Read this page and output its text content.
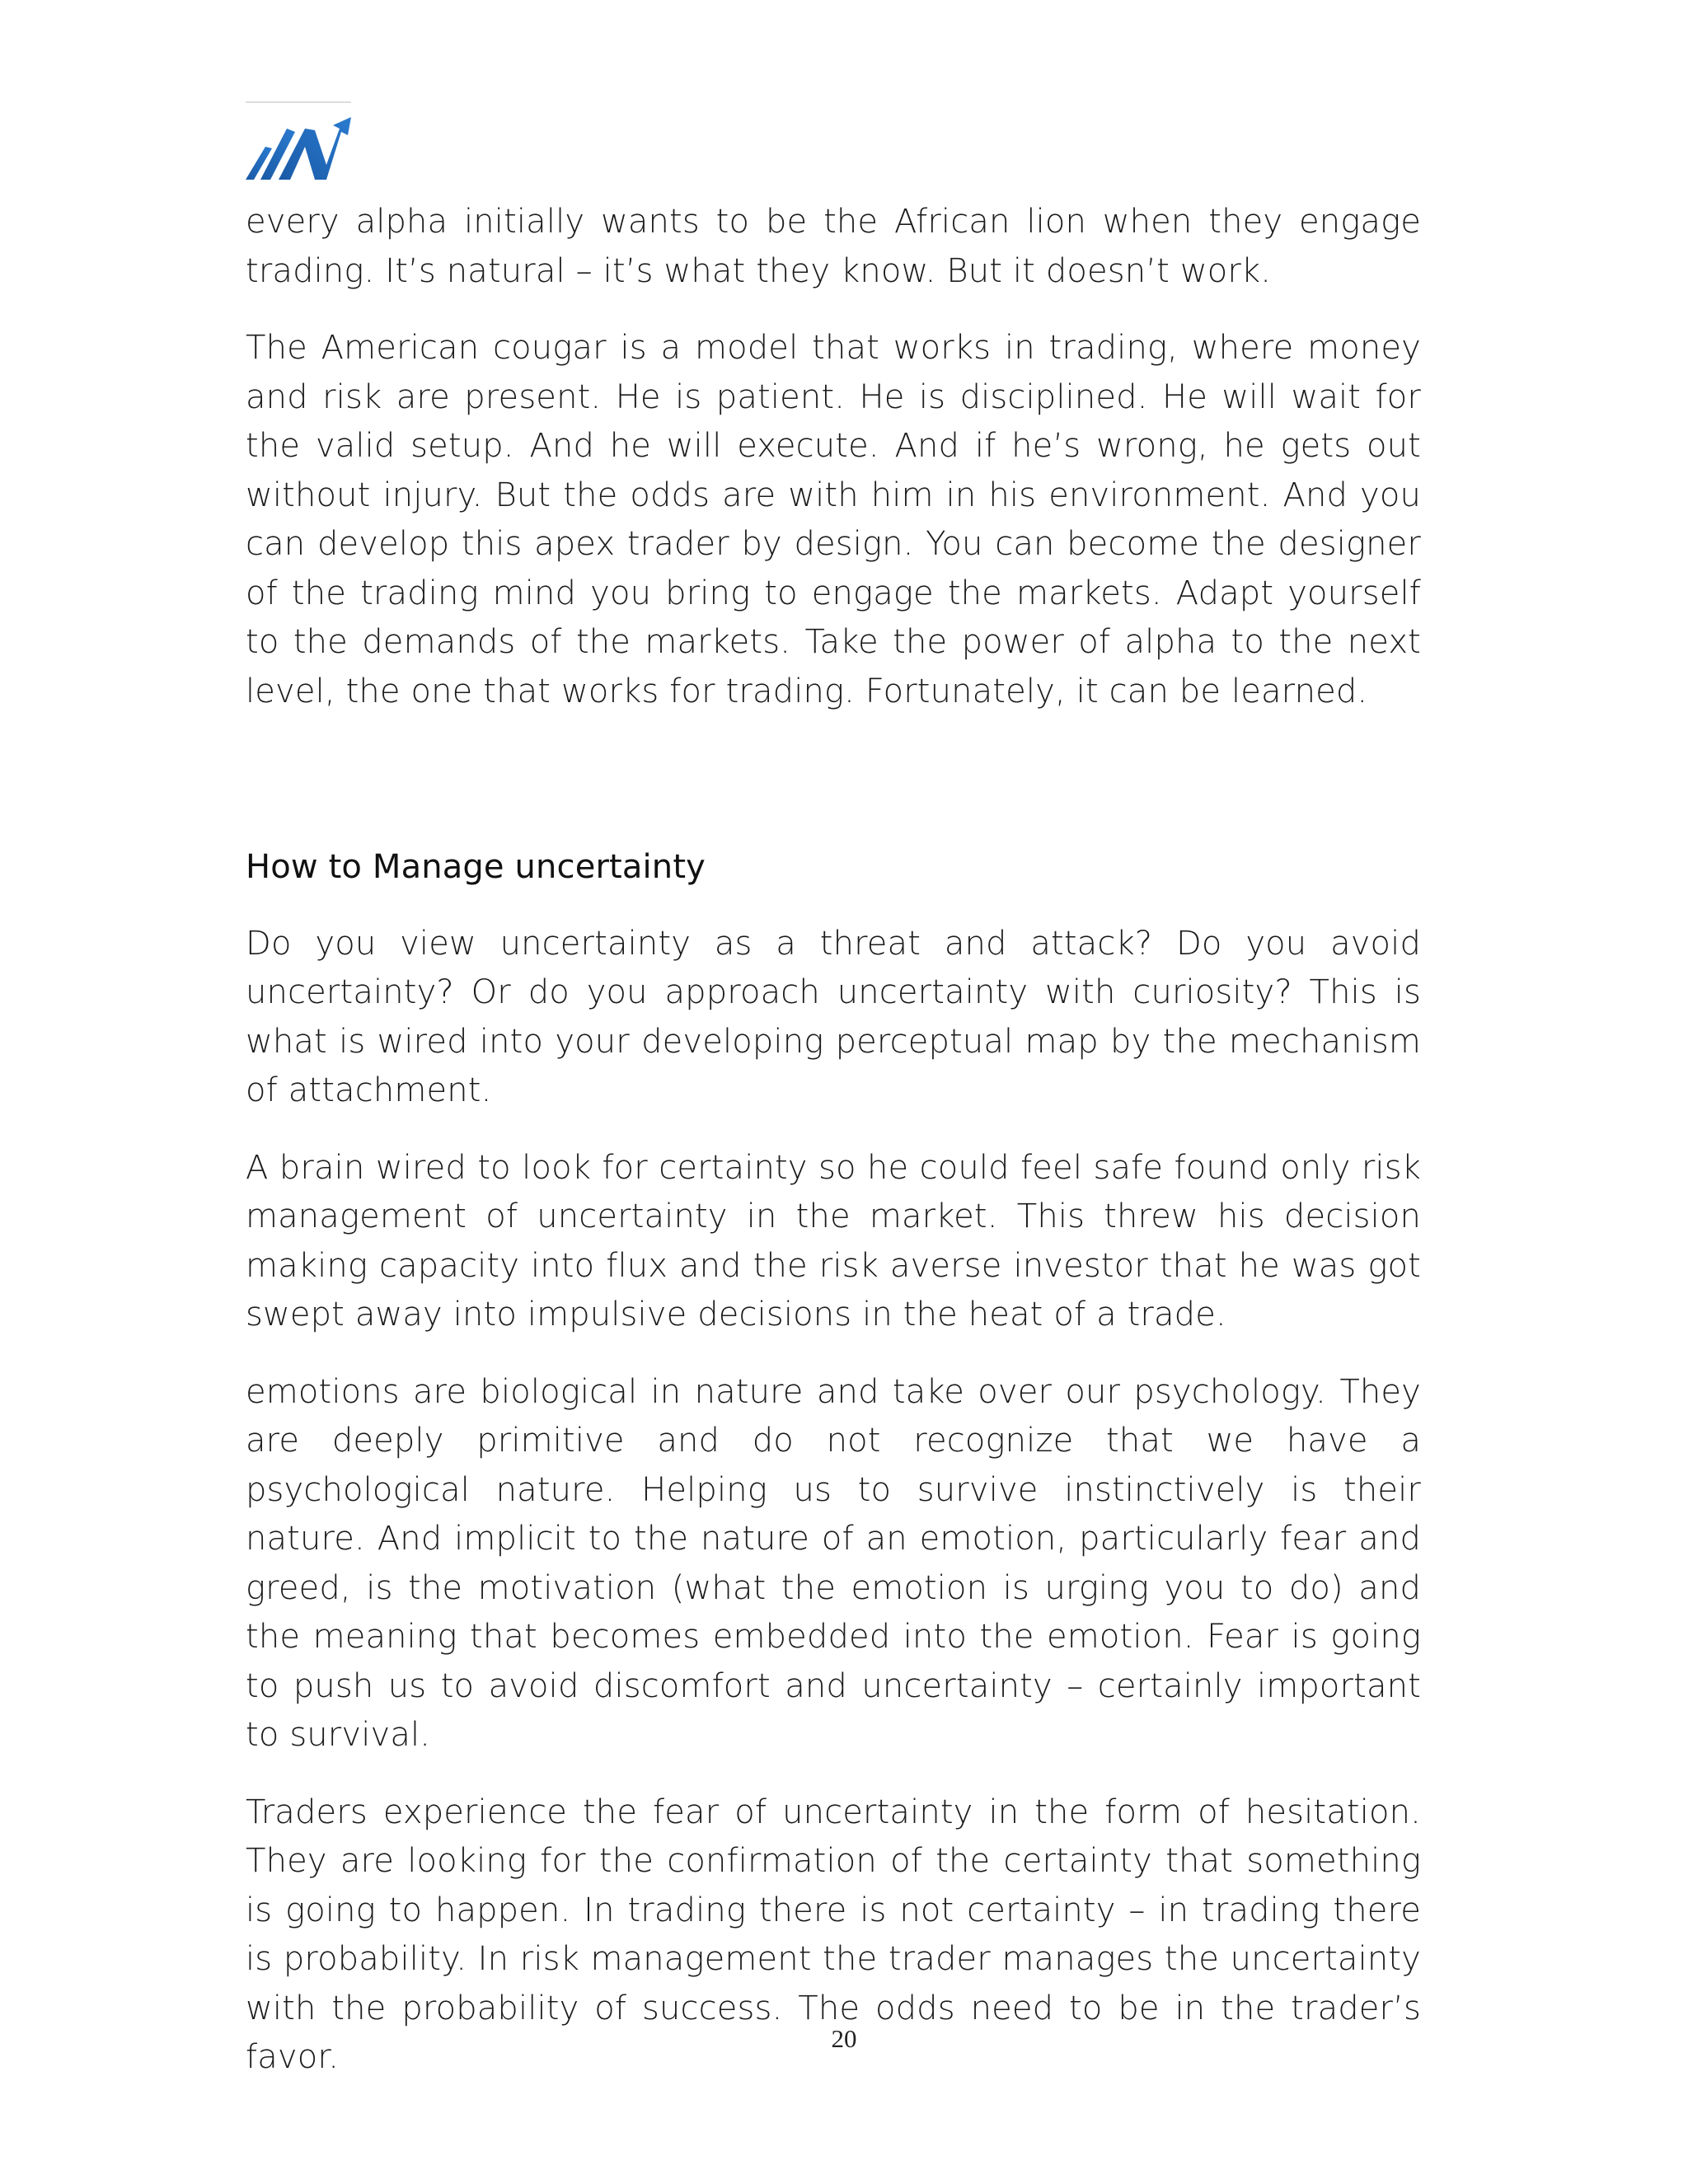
every alpha initially wants to be the African lion when they engage trading. It’s natural – it’s what they know. But it doesn’t work.

The American cougar is a model that works in trading, where money and risk are present. He is patient. He is disciplined. He will wait for the valid setup. And he will execute. And if he’s wrong, he gets out without injury. But the odds are with him in his environment. And you can develop this apex trader by design. You can become the designer of the trading mind you bring to engage the markets. Adapt yourself to the demands of the markets. Take the power of alpha to the next level, the one that works for trading. Fortunately, it can be learned.

How to Manage uncertainty

Do you view uncertainty as a threat and attack? Do you avoid uncertainty? Or do you approach uncertainty with curiosity? This is what is wired into your developing perceptual map by the mechanism of attachment.

A brain wired to look for certainty so he could feel safe found only risk management of uncertainty in the market. This threw his decision making capacity into flux and the risk averse investor that he was got swept away into impulsive decisions in the heat of a trade.

emotions are biological in nature and take over our psychology. They are deeply primitive and do not recognize that we have a psychological nature. Helping us to survive instinctively is their nature. And implicit to the nature of an emotion, particularly fear and greed, is the motivation (what the emotion is urging you to do) and the meaning that becomes embedded into the emotion. Fear is going to push us to avoid discomfort and uncertainty – certainly important to survival.

Traders experience the fear of uncertainty in the form of hesitation. They are looking for the confirmation of the certainty that something is going to happen. In trading there is not certainty – in trading there is probability. In risk management the trader manages the uncertainty with the probability of success. The odds need to be in the trader’s favor.	20
